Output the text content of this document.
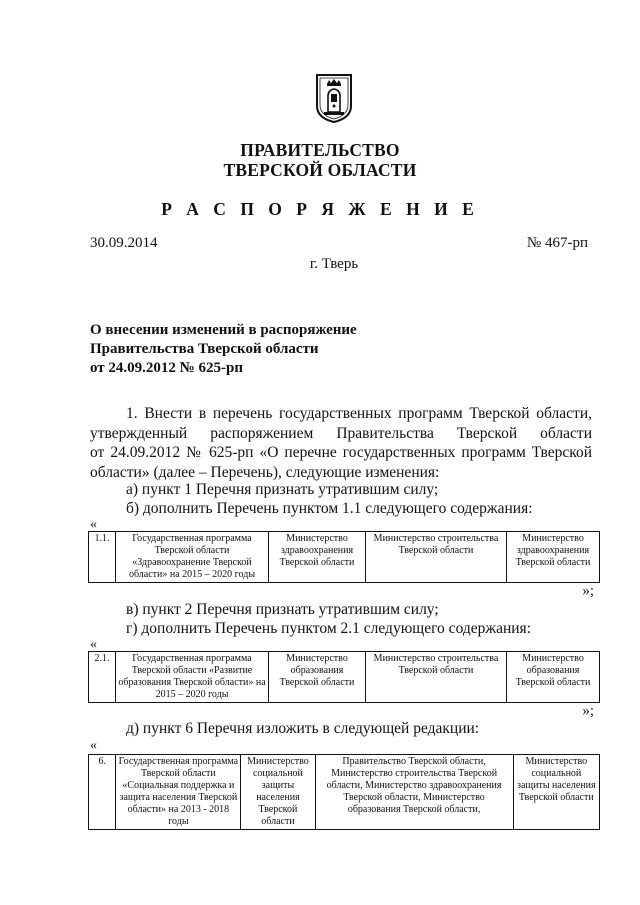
ПРАВИТЕЛЬСТВО
ТВЕРСКОЙ ОБЛАСТИ
Р А С П О Р Я Ж Е Н И Е
30.09.2014	№ 467-рп
г. Тверь
О внесении изменений в распоряжение
Правительства Тверской области
от 24.09.2012 № 625-рп
1. Внести в перечень государственных программ Тверской области,
утвержденный распоряжением Правительства Тверской области
от 24.09.2012 № 625-рп «О перечне государственных программ Тверской
области» (далее – Перечень), следующие изменения:
а) пункт 1 Перечня признать утратившим силу;
б) дополнить Перечень пунктом 1.1 следующего содержания:
«
1.1.	Государственная программа Тверской области «Здравоохранение Тверской области» на 2015 – 2020 годы	Министерство здравоохранения Тверской области	Министерство строительства Тверской области	Министерство здравоохранения Тверской области
»;
в) пункт 2 Перечня признать утратившим силу;
г) дополнить Перечень пунктом 2.1 следующего содержания:
«
2.1.	Государственная программа Тверской области «Развитие образования Тверской области» на 2015 – 2020 годы	Министерство образования Тверской области	Министерство строительства Тверской области	Министерство образования Тверской области
»;
д) пункт 6 Перечня изложить в следующей редакции:
«
6.	Государственная программа Тверской области «Социальная поддержка и защита населения Тверской области» на 2013 - 2018 годы	Министерство социальной защиты населения Тверской области	Правительство Тверской области, Министерство строительства Тверской области, Министерство здравоохранения Тверской области, Министерство образования Тверской области,	Министерство социальной защиты населения Тверской области
